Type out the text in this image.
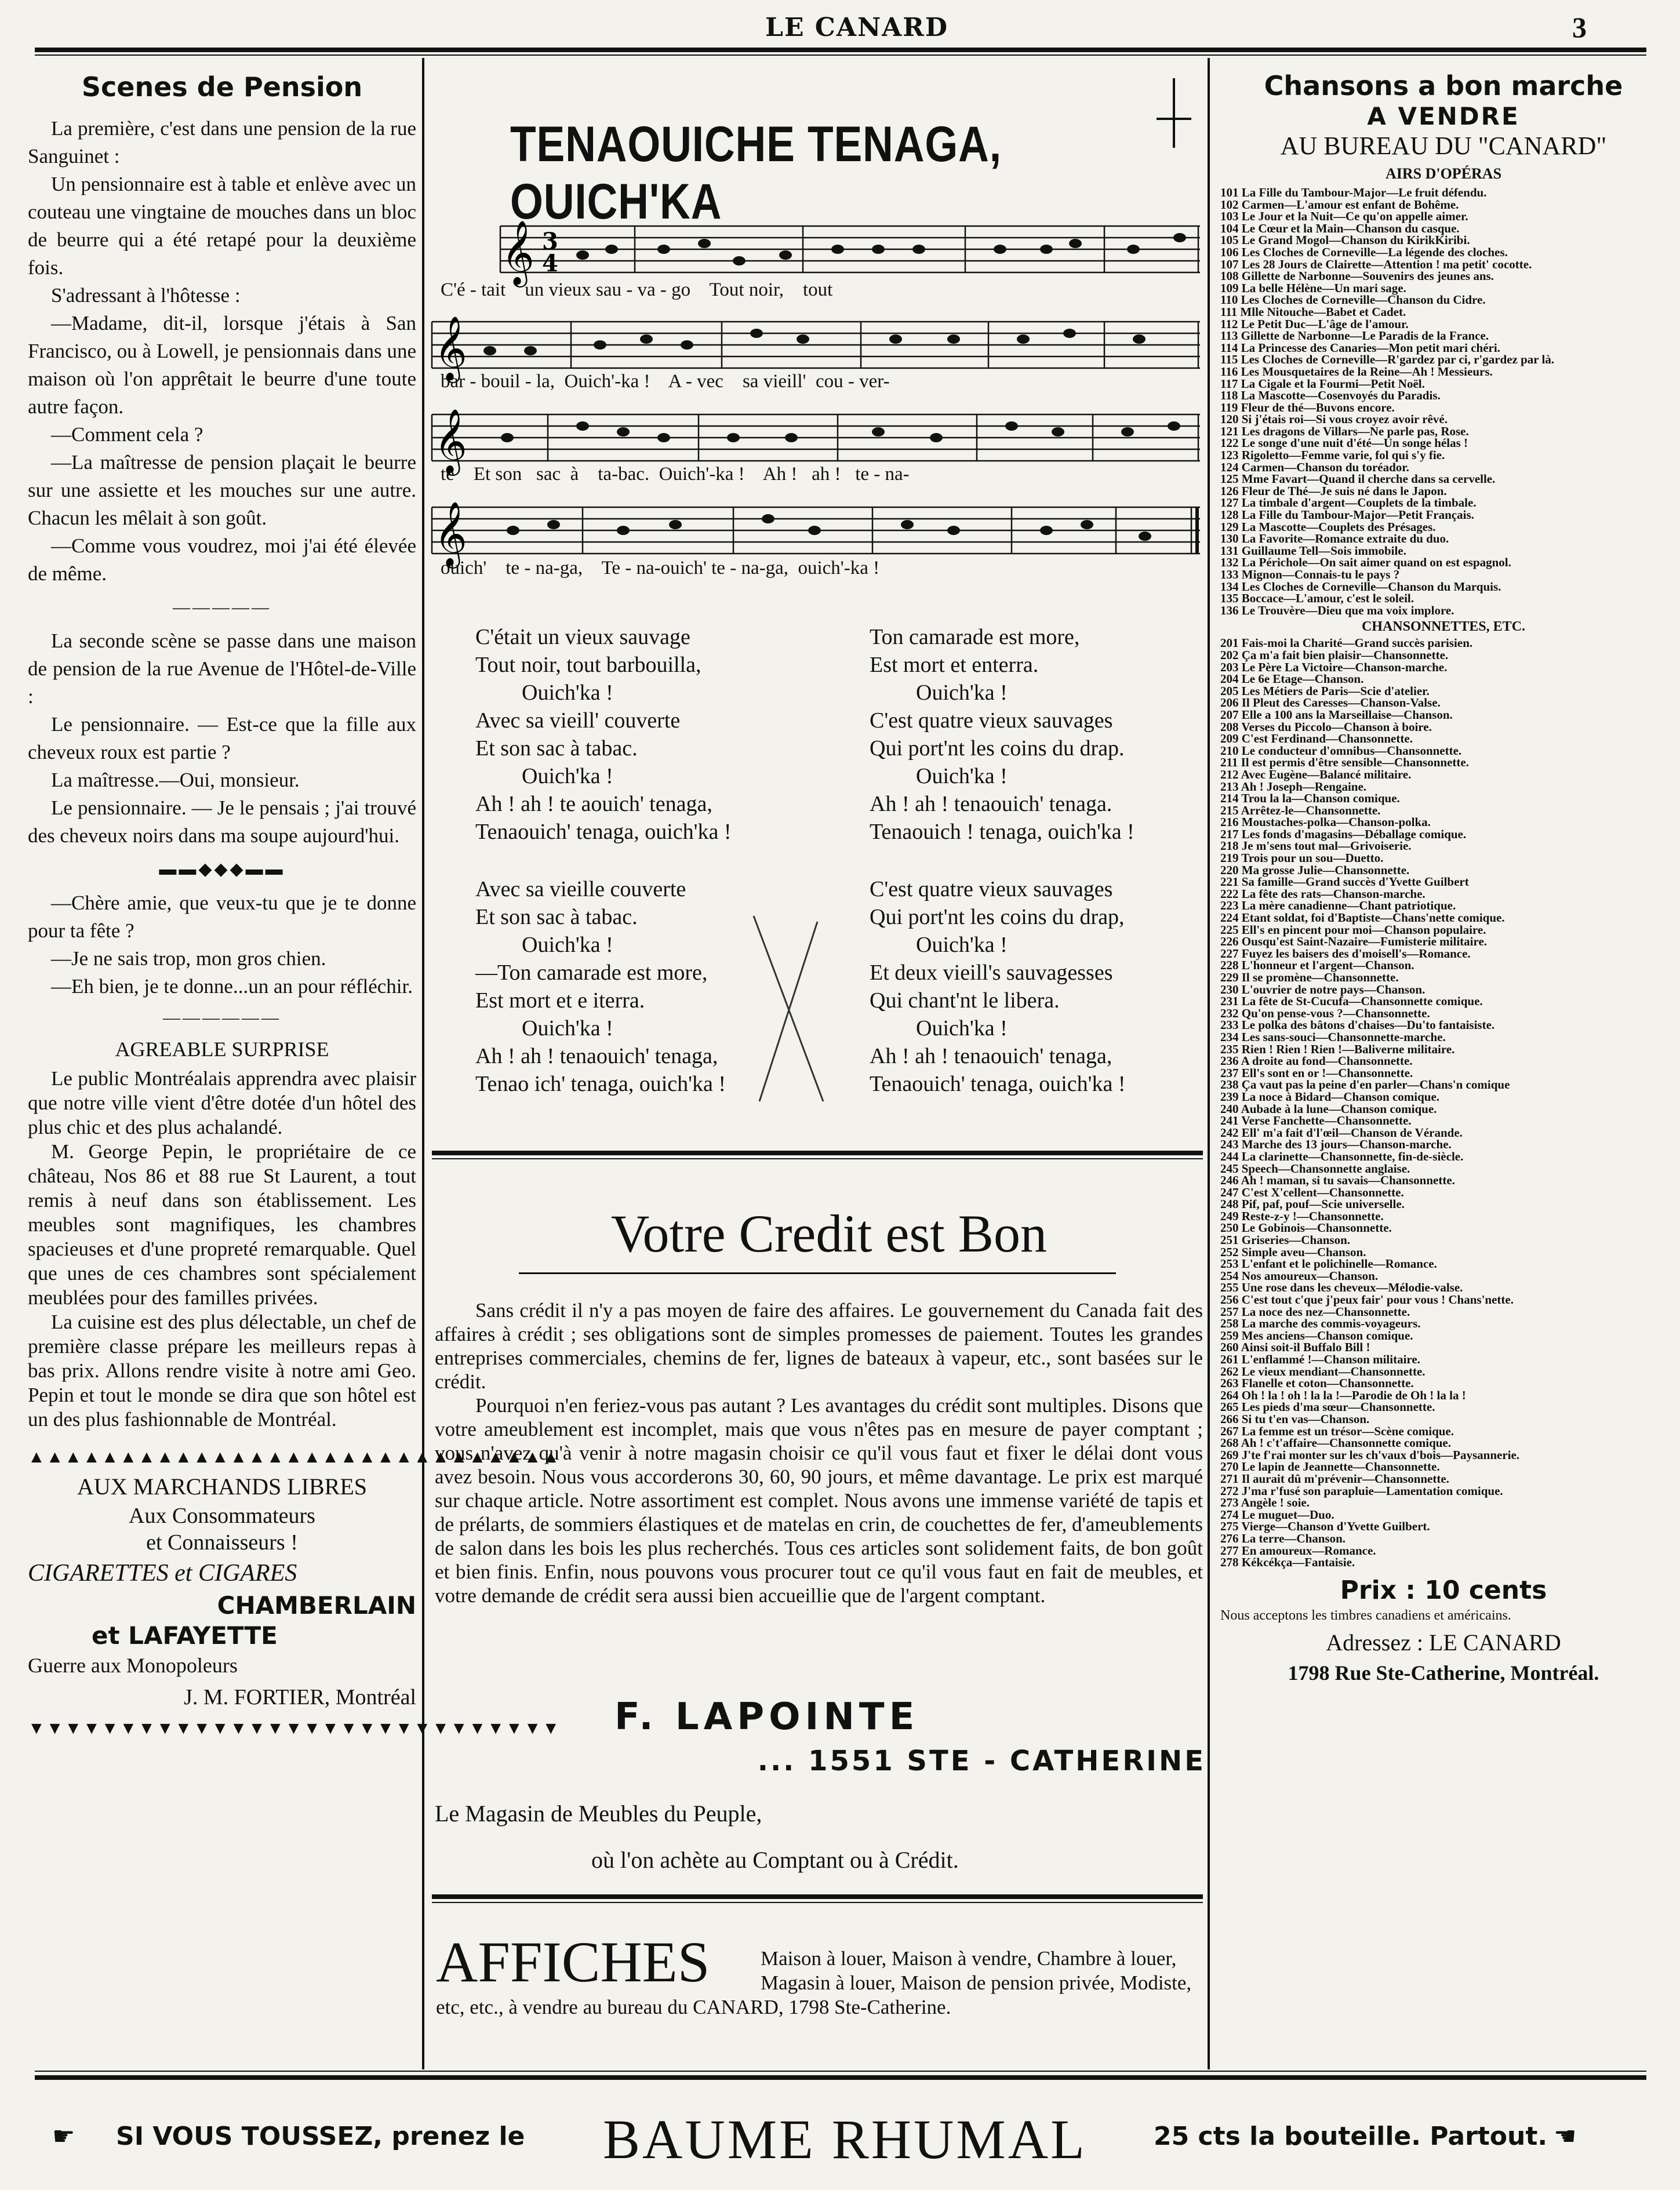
LE CANARD	3
Scenes de Pension

La première, c'est dans une pension de la rue Sanguinet :

Un pensionnaire est à table et enlève avec un couteau une vingtaine de mouches dans un bloc de beurre qui a été retapé pour la deuxième fois.

S'adressant à l'hôtesse :

—Madame, dit-il, lorsque j'étais à San Francisco, ou à Lowell, je pensionnais dans une maison où l'on apprêtait le beurre d'une toute autre façon.

—Comment cela ?

—La maîtresse de pension plaçait le beurre sur une assiette et les mouches sur une autre. Chacun les mêlait à son goût.

—Comme vous voudrez, moi j'ai été élevée de même.

—————

La seconde scène se passe dans une maison de pension de la rue Avenue de l'Hôtel-de-Ville :

Le pensionnaire. — Est-ce que la fille aux cheveux roux est partie ?

La maîtresse.—Oui, monsieur.

Le pensionnaire. — Je le pensais ; j'ai trouvé des cheveux noirs dans ma soupe aujourd'hui.

▬▬◆◆◆▬▬

—Chère amie, que veux-tu que je te donne pour ta fête ?

—Je ne sais trop, mon gros chien.

—Eh bien, je te donne...un an pour réfléchir.

——————
AGREABLE SURPRISE

Le public Montréalais apprendra avec plaisir que notre ville vient d'être dotée d'un hôtel des plus chic et des plus achalandé.

M. George Pepin, le propriétaire de ce château, Nos 86 et 88 rue St Laurent, a tout remis à neuf dans son établissement. Les meubles sont magnifiques, les chambres spacieuses et d'une propreté remarquable. Quel que unes de ces chambres sont spécialement meublées pour des familles privées.

La cuisine est des plus délectable, un chef de première classe prépare les meilleurs repas à bas prix. Allons rendre visite à notre ami Geo. Pepin et tout le monde se dira que son hôtel est un des plus fashionnable de Montréal.

▲▲▲▲▲▲▲▲▲▲▲▲▲▲▲▲▲▲▲▲▲▲▲▲▲▲▲▲▲
AUX MARCHANDS LIBRES
Aux Consommateurs
et Connaisseurs !
CIGARETTES et CIGARES
CHAMBERLAIN
et LAFAYETTE
Guerre aux Monopoleurs
J. M. FORTIER, Montréal
▼▼▼▼▼▼▼▼▼▼▼▼▼▼▼▼▼▼▼▼▼▼▼▼▼▼▼▼▼
TENAOUICHE TENAGA, OUICH'KA
𝄞 3
4
C'é - tait    un vieux sau - va - go    Tout noir,    tout
𝄞
bar - bouil - la,  Ouich'-ka !    A - vec    sa vieill'  cou - ver-
𝄞
te    Et son   sac  à    ta-bac.  Ouich'-ka !    Ah !   ah !   te - na-
𝄞
ouich'    te - na-ga,    Te - na-ouich' te - na-ga,  ouich'-ka !
C'était un vieux sauvage
Tout noir, tout barbouilla,
Ouich'ka !
Avec sa vieill' couverte
Et son sac à tabac.
Ouich'ka !
Ah ! ah ! te aouich' tenaga,
Tenaouich' tenaga, ouich'ka !
Avec sa vieille couverte
Et son sac à tabac.
Ouich'ka !
—Ton camarade est more,
Est mort et e iterra.
Ouich'ka !
Ah ! ah ! tenaouich' tenaga,
Tenao ich' tenaga, ouich'ka !
Ton camarade est more,
Est mort et enterra.
Ouich'ka !
C'est quatre vieux sauvages
Qui port'nt les coins du drap.
Ouich'ka !
Ah ! ah ! tenaouich' tenaga.
Tenaouich ! tenaga, ouich'ka !
C'est quatre vieux sauvages
Qui port'nt les coins du drap,
Ouich'ka !
Et deux vieill's sauvagesses
Qui chant'nt le libera.
Ouich'ka !
Ah ! ah ! tenaouich' tenaga,
Tenaouich' tenaga, ouich'ka !
Votre Credit est Bon

Sans crédit il n'y a pas moyen de faire des affaires. Le gouvernement du Canada fait des affaires à crédit ; ses obligations sont de simples promesses de paiement. Toutes les grandes entreprises commerciales, chemins de fer, lignes de bateaux à vapeur, etc., sont basées sur le crédit.

Pourquoi n'en feriez-vous pas autant ? Les avantages du crédit sont multiples. Disons que votre ameublement est incomplet, mais que vous n'êtes pas en mesure de payer comptant ; vous n'avez qu'à venir à notre magasin choisir ce qu'il vous faut et fixer le délai dont vous avez besoin. Nous vous accorderons 30, 60, 90 jours, et même davantage. Le prix est marqué sur chaque article. Notre assortiment est complet. Nous avons une immense variété de tapis et de prélarts, de sommiers élastiques et de matelas en crin, de couchettes de fer, d'ameublements de salon dans les bois les plus recherchés. Tous ces articles sont solidement faits, de bon goût et bien finis. Enfin, nous pouvons vous procurer tout ce qu'il vous faut en fait de meubles, et votre demande de crédit sera aussi bien accueillie que de l'argent comptant.

F. LAPOINTE
... 1551 STE - CATHERINE
Le Magasin de Meubles du Peuple,
où l'on achète au Comptant ou à Crédit.
AFFICHES	Maison à louer, Maison à vendre, Chambre à louer, Magasin à louer, Maison de pension privée, Modiste, etc, etc., à vendre au bureau du CANARD, 1798 Ste-Catherine.
Chansons a bon marche
A VENDRE
AU BUREAU DU "CANARD"
AIRS D'OPÉRAS
101 La Fille du Tambour-Major—Le fruit défendu.
102 Carmen—L'amour est enfant de Bohême.
103 Le Jour et la Nuit—Ce qu'on appelle aimer.
104 Le Cœur et la Main—Chanson du casque.
105 Le Grand Mogol—Chanson du KirikKiribi.
106 Les Cloches de Corneville—La légende des cloches.
107 Les 28 Jours de Clairette—Attention ! ma petit' cocotte.
108 Gillette de Narbonne—Souvenirs des jeunes ans.
109 La belle Hélène—Un mari sage.
110 Les Cloches de Corneville—Chanson du Cidre.
111 Mlle Nitouche—Babet et Cadet.
112 Le Petit Duc—L'âge de l'amour.
113 Gillette de Narbonne—Le Paradis de la France.
114 La Princesse des Canaries—Mon petit mari chéri.
115 Les Cloches de Corneville—R'gardez par ci, r'gardez par là.
116 Les Mousquetaires de la Reine—Ah ! Messieurs.
117 La Cigale et la Fourmi—Petit Noël.
118 La Mascotte—Cosenvoyés du Paradis.
119 Fleur de thé—Buvons encore.
120 Si j'étais roi—Si vous croyez avoir rêvé.
121 Les dragons de Villars—Ne parle pas, Rose.
122 Le songe d'une nuit d'été—Un songe hélas !
123 Rigoletto—Femme varie, fol qui s'y fie.
124 Carmen—Chanson du toréador.
125 Mme Favart—Quand il cherche dans sa cervelle.
126 Fleur de Thé—Je suis né dans le Japon.
127 La timbale d'argent—Couplets de la timbale.
128 La Fille du Tambour-Major—Petit Français.
129 La Mascotte—Couplets des Présages.
130 La Favorite—Romance extraite du duo.
131 Guillaume Tell—Sois immobile.
132 La Périchole—On sait aimer quand on est espagnol.
133 Mignon—Connais-tu le pays ?
134 Les Cloches de Corneville—Chanson du Marquis.
135 Boccace—L'amour, c'est le soleil.
136 Le Trouvère—Dieu que ma voix implore.
CHANSONNETTES, ETC.
201 Fais-moi la Charité—Grand succès parisien.
202 Ça m'a fait bien plaisir—Chansonnette.
203 Le Père La Victoire—Chanson-marche.
204 Le 6e Etage—Chanson.
205 Les Métiers de Paris—Scie d'atelier.
206 Il Pleut des Caresses—Chanson-Valse.
207 Elle a 100 ans la Marseillaise—Chanson.
208 Verses du Piccolo—Chanson à boire.
209 C'est Ferdinand—Chansonnette.
210 Le conducteur d'omnibus—Chansonnette.
211 Il est permis d'être sensible—Chansonnette.
212 Avec Eugène—Balancé militaire.
213 Ah ! Joseph—Rengaine.
214 Trou la la—Chanson comique.
215 Arrêtez-le—Chansonnette.
216 Moustaches-polka—Chanson-polka.
217 Les fonds d'magasins—Déballage comique.
218 Je m'sens tout mal—Grivoiserie.
219 Trois pour un sou—Duetto.
220 Ma grosse Julie—Chansonnette.
221 Sa famille—Grand succès d'Yvette Guilbert
222 La fête des rats—Chanson-marche.
223 La mère canadienne—Chant patriotique.
224 Etant soldat, foi d'Baptiste—Chans'nette comique.
225 Ell's en pincent pour moi—Chanson populaire.
226 Ousqu'est Saint-Nazaire—Fumisterie militaire.
227 Fuyez les baisers des d'moisell's—Romance.
228 L'honneur et l'argent—Chanson.
229 Il se promène—Chansonnette.
230 L'ouvrier de notre pays—Chanson.
231 La fête de St-Cucufa—Chansonnette comique.
232 Qu'on pense-vous ?—Chansonnette.
233 Le polka des bâtons d'chaises—Du'to fantaisiste.
234 Les sans-souci—Chansonnette-marche.
235 Rien ! Rien ! Rien !—Baliverne militaire.
236 A droite au fond—Chansonnette.
237 Ell's sont en or !—Chansonnette.
238 Ça vaut pas la peine d'en parler—Chans'n comique
239 La noce à Bidard—Chanson comique.
240 Aubade à la lune—Chanson comique.
241 Verse Fanchette—Chansonnette.
242 Ell' m'a fait d'l'œil—Chanson de Vérande.
243 Marche des 13 jours—Chanson-marche.
244 La clarinette—Chansonnette, fin-de-siècle.
245 Speech—Chansonnette anglaise.
246 Ah ! maman, si tu savais—Chansonnette.
247 C'est X'cellent—Chansonnette.
248 Pif, paf, pouf—Scie universelle.
249 Reste-z-y !—Chansonnette.
250 Le Gobinois—Chansonnette.
251 Griseries—Chanson.
252 Simple aveu—Chanson.
253 L'enfant et le polichinelle—Romance.
254 Nos amoureux—Chanson.
255 Une rose dans les cheveux—Mélodie-valse.
256 C'est tout c'que j'peux fair' pour vous ! Chans'nette.
257 La noce des nez—Chansonnette.
258 La marche des commis-voyageurs.
259 Mes anciens—Chanson comique.
260 Ainsi soit-il Buffalo Bill !
261 L'enflammé !—Chanson militaire.
262 Le vieux mendiant—Chansonnette.
263 Flanelle et coton—Chansonnette.
264 Oh ! la ! oh ! la la !—Parodie de Oh ! la la !
265 Les pieds d'ma sœur—Chansonnette.
266 Si tu t'en vas—Chanson.
267 La femme est un trésor—Scène comique.
268 Ah ! c't'affaire—Chansonnette comique.
269 J'te f'rai monter sur les ch'vaux d'bois—Paysannerie.
270 Le lapin de Jeannette—Chansonnette.
271 Il aurait dû m'prévenir—Chansonnette.
272 J'ma r'fusé son parapluie—Lamentation comique.
273 Angèle ! soie.
274 Le muguet—Duo.
275 Vierge—Chanson d'Yvette Guilbert.
276 La terre—Chanson.
277 En amoureux—Romance.
278 Kékcékça—Fantaisie.
Prix : 10 cents
Nous acceptons les timbres canadiens et américains.
Adressez : LE CANARD
1798 Rue Ste-Catherine, Montréal.
☛ SI VOUS TOUSSEZ, prenez le BAUME RHUMAL	25 cts la bouteille. Partout. ☚
